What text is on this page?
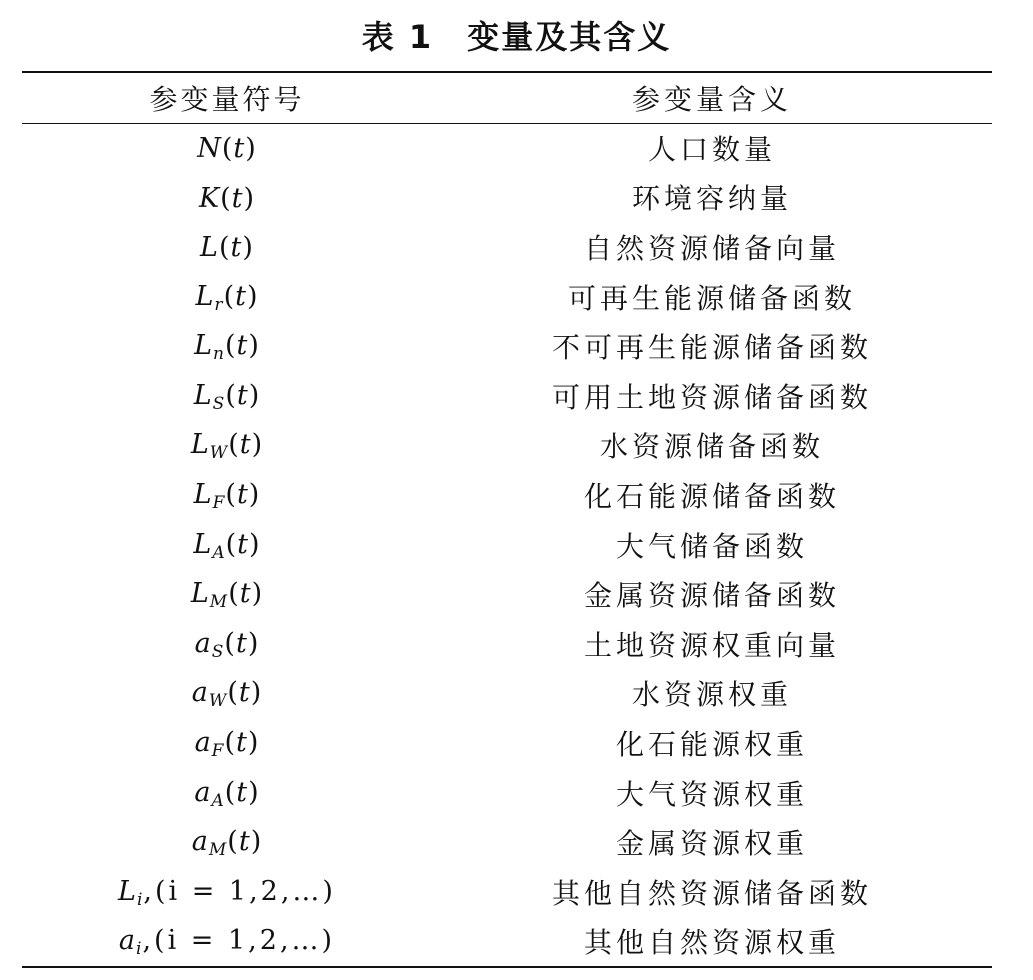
表 1 变量及其含义
参变量符号	参变量含义
N(t)	人口数量
K(t)	环境容纳量
L(t)	自然资源储备向量
$L_r(t)$	可再生能源储备函数
$L_n(t)$	不可再生能源储备函数
$L_S(t)$	可用土地资源储备函数
$L_W(t)$	水资源储备函数
$L_F(t)$	化石能源储备函数
$L_A(t)$	大气储备函数
$L_M(t)$	金属资源储备函数
$a_S(t)$	土地资源权重向量
$a_W(t)$	水资源权重
$a_F(t)$	化石能源权重
$a_A(t)$	大气资源权重
$a_M(t)$	金属资源权重
$L_i,(i$ = 1,2,…)	其他自然资源储备函数
$a_i,(i$ = 1,2,…)	其他自然资源权重
